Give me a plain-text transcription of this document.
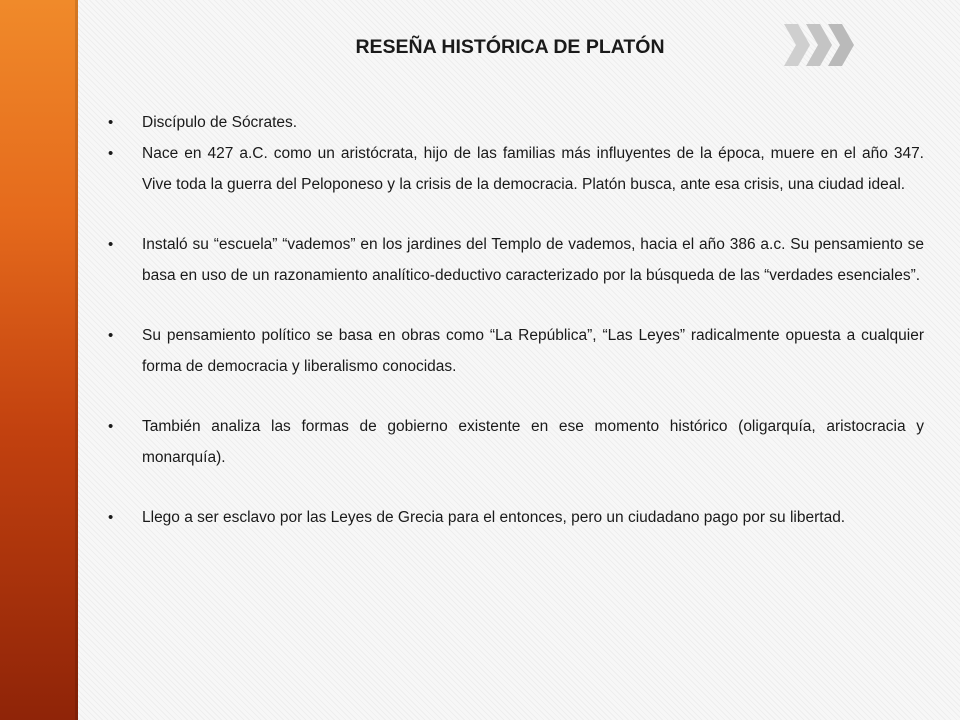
RESEÑA HISTÓRICA DE PLATÓN
• Discípulo de Sócrates.
• Nace en 427 a.C. como un aristócrata, hijo de las familias más influyentes de la época, muere en el año 347. Vive toda la guerra del Peloponeso y la crisis de la democracia. Platón busca, ante esa crisis, una ciudad ideal.
• Instaló su “escuela” “vademos” en los jardines del Templo de vademos, hacia el año 386 a.c. Su pensamiento se basa en uso de un razonamiento analítico-deductivo caracterizado por la búsqueda de las “verdades esenciales”.
• Su pensamiento político se basa en obras como “La República”, “Las Leyes” radicalmente opuesta a cualquier forma de democracia y liberalismo conocidas.
• También analiza las formas de gobierno existente en ese momento histórico (oligarquía, aristocracia y monarquía).
• Llego a ser esclavo por las Leyes de Grecia para el entonces, pero un ciudadano pago por su libertad.
